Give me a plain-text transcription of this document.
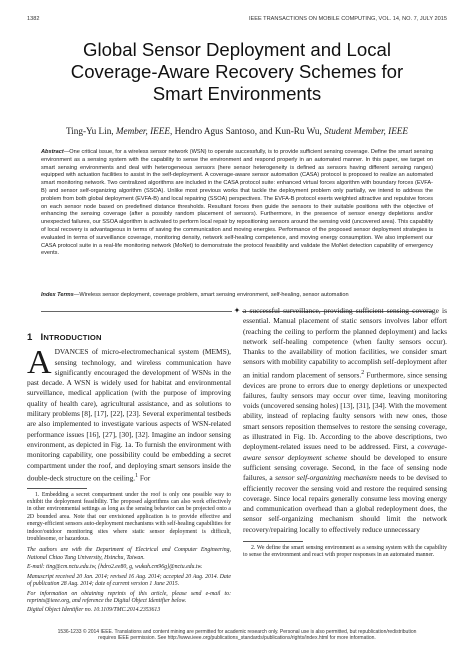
1382	IEEE TRANSACTIONS ON MOBILE COMPUTING, VOL. 14, NO. 7, JULY 2015
Global Sensor Deployment and Local
Coverage-Aware Recovery Schemes for
Smart Environments
Ting-Yu Lin, Member, IEEE, Hendro Agus Santoso, and Kun-Ru Wu, Student Member, IEEE
Abstract—One critical issue, for a wireless sensor network (WSN) to operate successfully, is to provide sufficient sensing coverage. Define the smart sensing environment as a sensing system with the capability to sense the environment and respond properly in an automated manner. In this paper, we target on smart sensing environments and deal with heterogeneous sensors (here sensor heterogeneity is defined as sensors having different sensing ranges) equipped with actuation facilities to assist in the self-deployment. A coverage-aware sensor automation (CASA) protocol is proposed to realize an automated smart monitoring network. Two centralized algorithms are included in the CASA protocol suite: enhanced virtual forces algorithm with boundary forces (EVFA-B) and sensor self-organizing algorithm (SSOA). Unlike most previous works that tackle the deployment problem only partially, we intend to address the problem from both global deployment (EVFA-B) and local repairing (SSOA) perspectives. The EVFA-B protocol exerts weighted attractive and repulsive forces on each sensor node based on predefined distance thresholds. Resultant forces then guide the sensors to their suitable positions with the objective of enhancing the sensing coverage (after a possibly random placement of sensors). Furthermore, in the presence of sensor energy depletions and/or unexpected failures, our SSOA algorithm is activated to perform local repair by repositioning sensors around the sensing void (uncovered area). This capability of local recovery is advantageous in terms of saving the communication and moving energies. Performance of the proposed sensor deployment strategies is evaluated in terms of surveillance coverage, monitoring density, network self-healing competence, and moving energy consumption. We also implement our CASA protocol suite in a real-life monitoring network (MoNet) to demonstrate the protocol feasibility and validate the MoNet detection capability of emergency events.
Index Terms—Wireless sensor deployment, coverage problem, smart sensing environment, self-healing, sensor automation
✦
1 INTRODUCTION

ADVANCES of micro-electromechanical system (MEMS), sensing technology, and wireless communication have significantly encouraged the development of WSNs in the past decade. A WSN is widely used for habitat and environmental surveillance, medical application (with the purpose of improving quality of health care), agricultural assistance, and as solutions to military problems [8], [17], [22], [23]. Several experimental testbeds are also implemented to investigate various aspects of WSN-related performance issues [16], [27], [30], [32]. Imagine an indoor sensing environment, as depicted in Fig. 1a. To furnish the environment with monitoring capability, one possibility could be embedding a secret compartment under the roof, and deploying smart sensors inside the double-deck structure on the ceiling.$^1$ For

1. Embedding a secret compartment under the roof is only one possible way to exhibit the deployment feasibility. The proposed algorithms can also work effectively in other environmental settings as long as the sensing behavior can be projected onto a 2D bounded area. Note that our envisioned application is to provide effective and energy-efficient sensors auto-deployment mechanisms with self-healing capabilities for indoor/outdoor monitoring sites where static sensor deployment is difficult, troublesome, or hazardous.

The authors are with the Department of Electrical and Computer Engineering, National Chiao Tung University, Hsinchu, Taiwan.

E-mail: ting@cm.nctu.edu.tw, {hdro2.ee80, g, wukuh.cm96g}@nctu.edu.tw.

Manuscript received 20 Jan. 2014; revised 16 Aug. 2014; accepted 20 Aug. 2014. Date of publication 28 Aug. 2014; date of current version 1 June 2015.

For information on obtaining reprints of this article, please send e-mail to: reprints@ieee.org, and reference the Digital Object Identifier below.

Digital Object Identifier no. 10.1109/TMC.2014.2353613

a successful surveillance, providing sufficient sensing coverage is essential. Manual placement of static sensors involves labor effort (reaching the ceiling to perform the planned deployment) and lacks network self-healing competence (when faulty sensors occur). Thanks to the availability of motion facilities, we consider smart sensors with mobility capability to accomplish self-deployment after an initial random placement of sensors.$^2$ Furthermore, since sensing devices are prone to errors due to energy depletions or unexpected failures, faulty sensors may occur over time, leaving monitoring voids (uncovered sensing holes) [13], [31], [34]. With the movement ability, instead of replacing faulty sensors with new ones, those smart sensors reposition themselves to restore the sensing coverage, as illustrated in Fig. 1b. According to the above descriptions, two deployment-related issues need to be addressed. First, a coverage-aware sensor deployment scheme should be developed to ensure sufficient sensing coverage. Second, in the face of sensing node failures, a sensor self-organizing mechanism needs to be devised to efficiently recover the sensing void and restore the required sensing coverage. Since local repairs generally consume less moving energy and communication overhead than a global redeployment does, the sensor self-organizing mechanism should limit the network recovery/repairing locally to effectively reduce unnecessary

2. We define the smart sensing environment as a sensing system with the capability to sense the environment and react with proper responses in an automated manner.

1536-1233 © 2014 IEEE. Translations and content mining are permitted for academic research only. Personal use is also permitted, but republication/redistribution
requires IEEE permission. See http://www.ieee.org/publications_standards/publications/rights/index.html for more information.
